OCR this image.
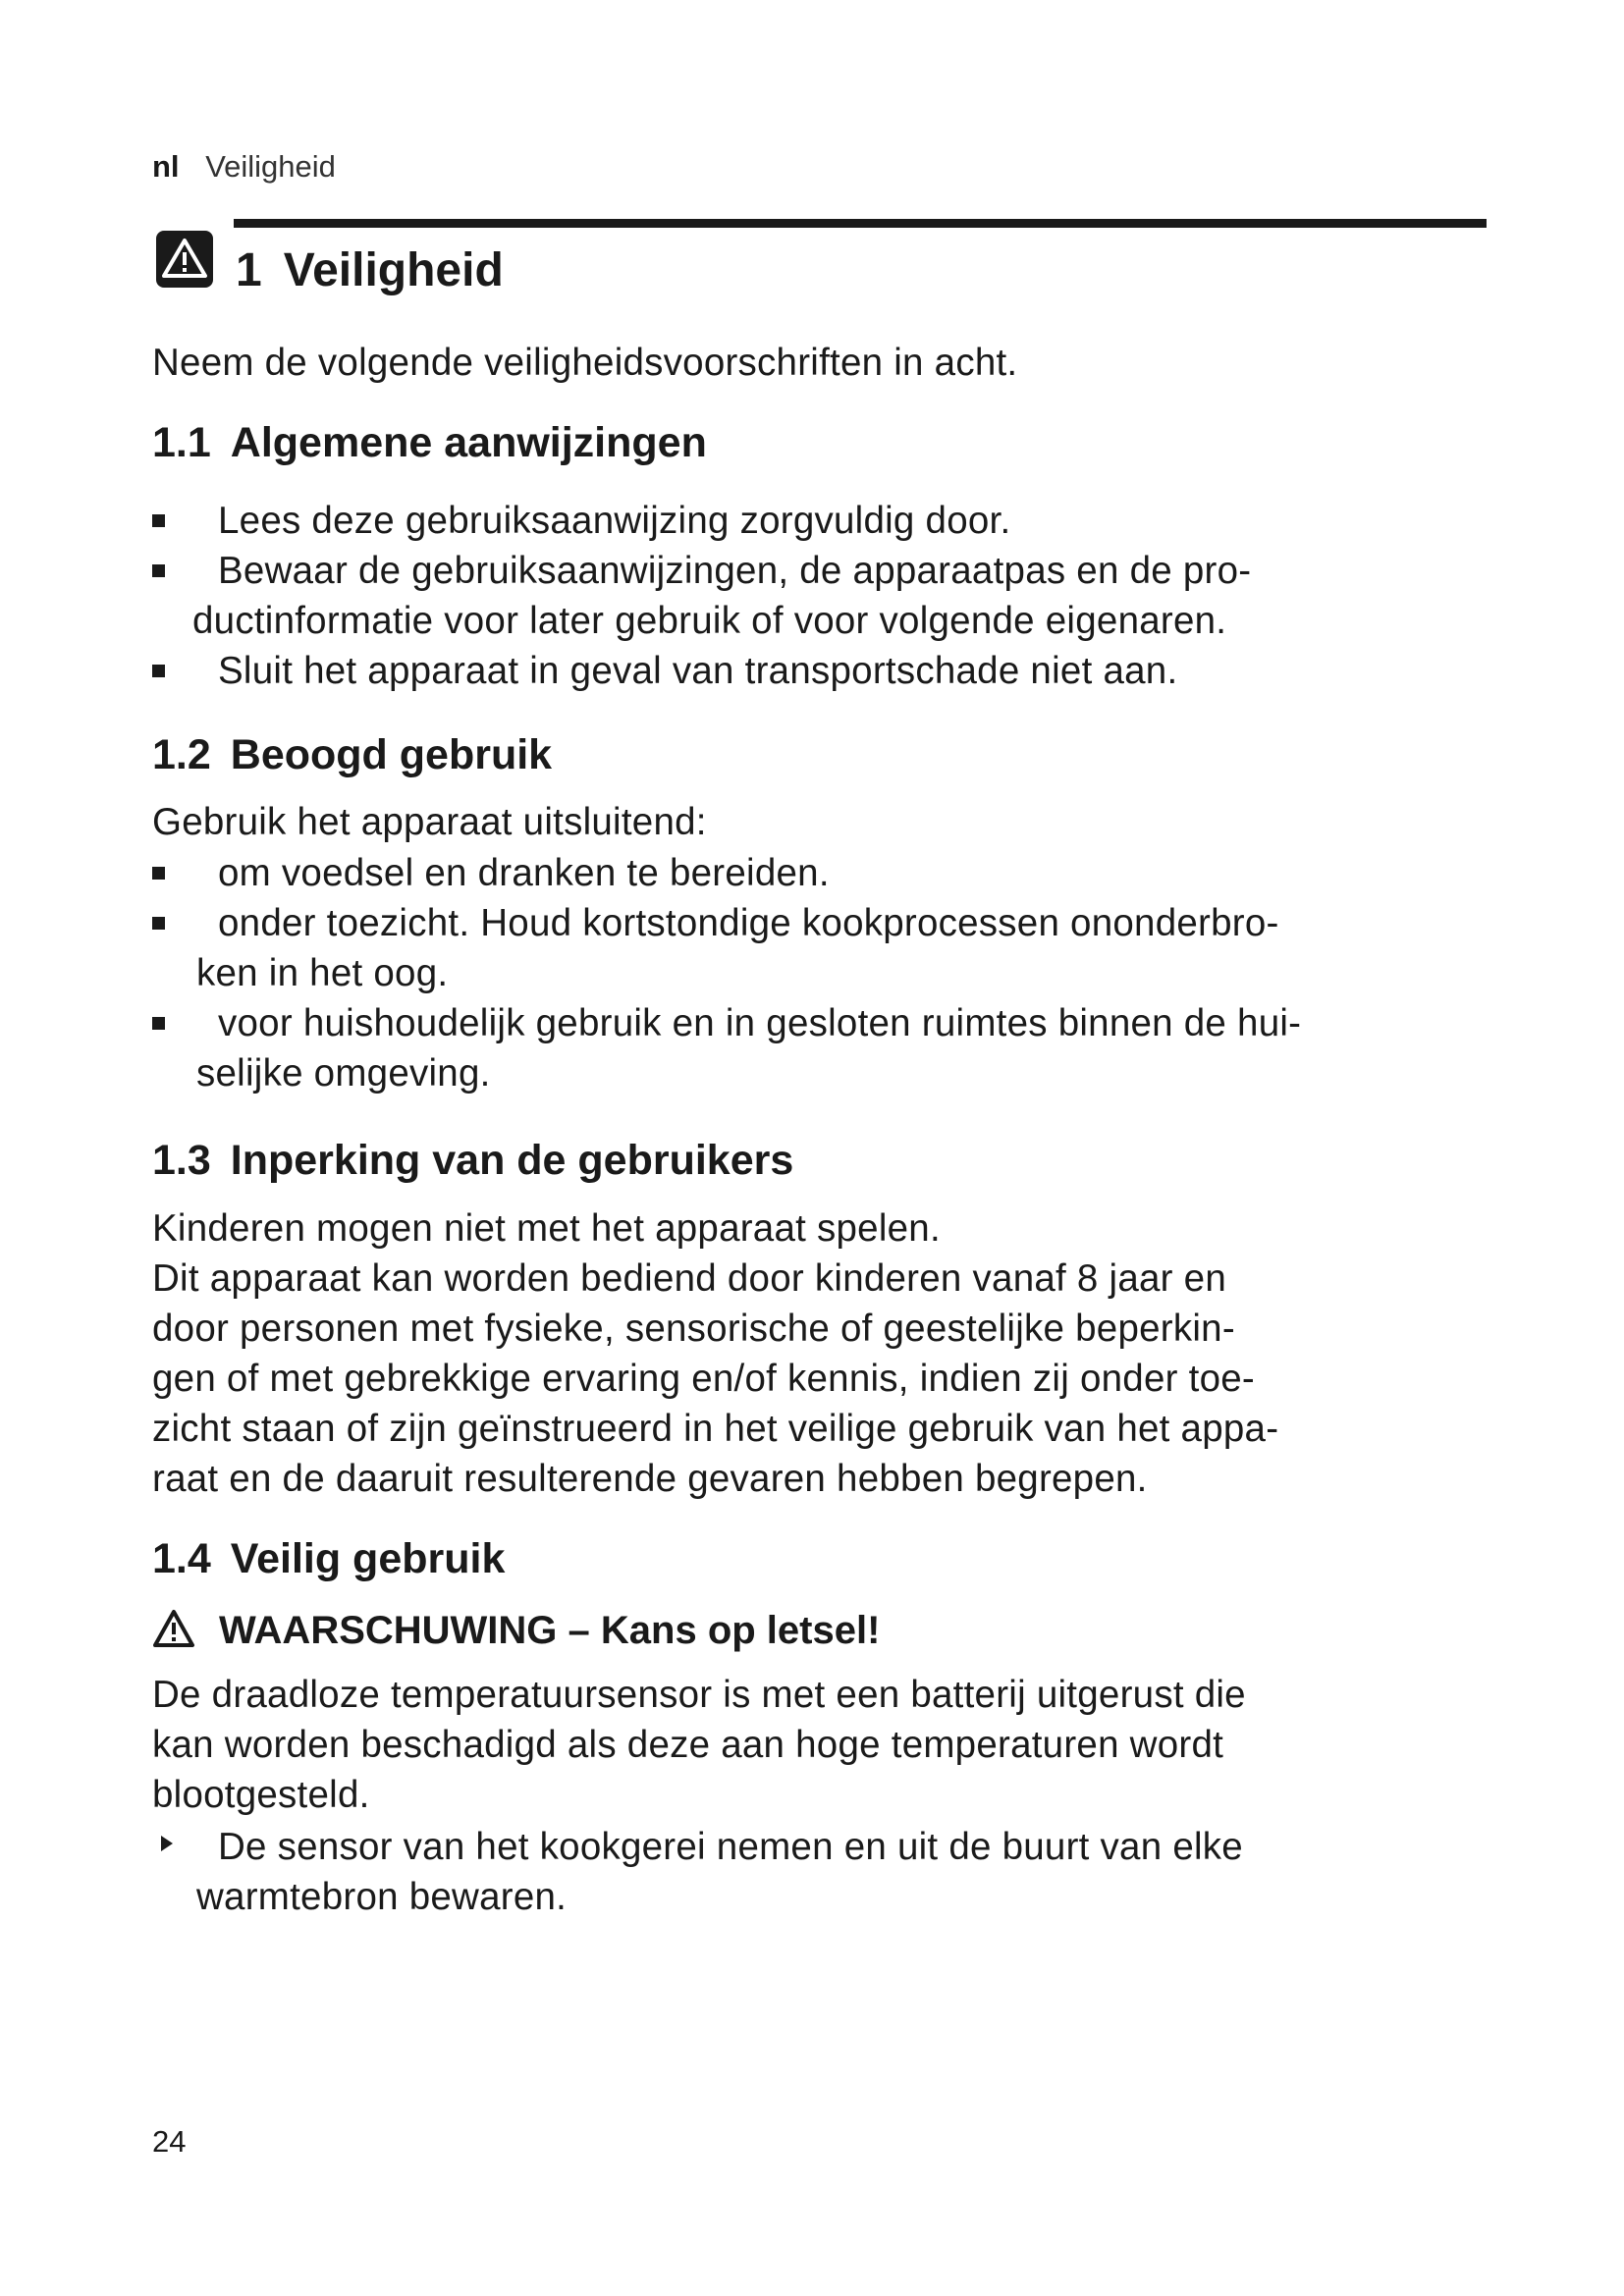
nl Veiligheid
1 Veiligheid

Neem de volgende veiligheidsvoorschriften in acht.

1.1 Algemene aanwijzingen
Lees deze gebruiksaanwijzing zorgvuldig door.
Bewaar de gebruiksaanwijzingen, de apparaatpas en de pro-
ductinformatie voor later gebruik of voor volgende eigenaren.
Sluit het apparaat in geval van transportschade niet aan.
1.2 Beoogd gebruik

Gebruik het apparaat uitsluitend:

om voedsel en dranken te bereiden.
onder toezicht. Houd kortstondige kookprocessen ononderbro-
ken in het oog.
voor huishoudelijk gebruik en in gesloten ruimtes binnen de hui-
selijke omgeving.
1.3 Inperking van de gebruikers
Kinderen mogen niet met het apparaat spelen.
Dit apparaat kan worden bediend door kinderen vanaf 8 jaar en
door personen met fysieke, sensorische of geestelijke beperkin-
gen of met gebrekkige ervaring en/of kennis, indien zij onder toe-
zicht staan of zijn geïnstrueerd in het veilige gebruik van het appa-
raat en de daaruit resulterende gevaren hebben begrepen.
1.4 Veilig gebruik
WAARSCHUWING – Kans op letsel!
De draadloze temperatuursensor is met een batterij uitgerust die
kan worden beschadigd als deze aan hoge temperaturen wordt
blootgesteld.
De sensor van het kookgerei nemen en uit de buurt van elke
warmtebron bewaren.
24
